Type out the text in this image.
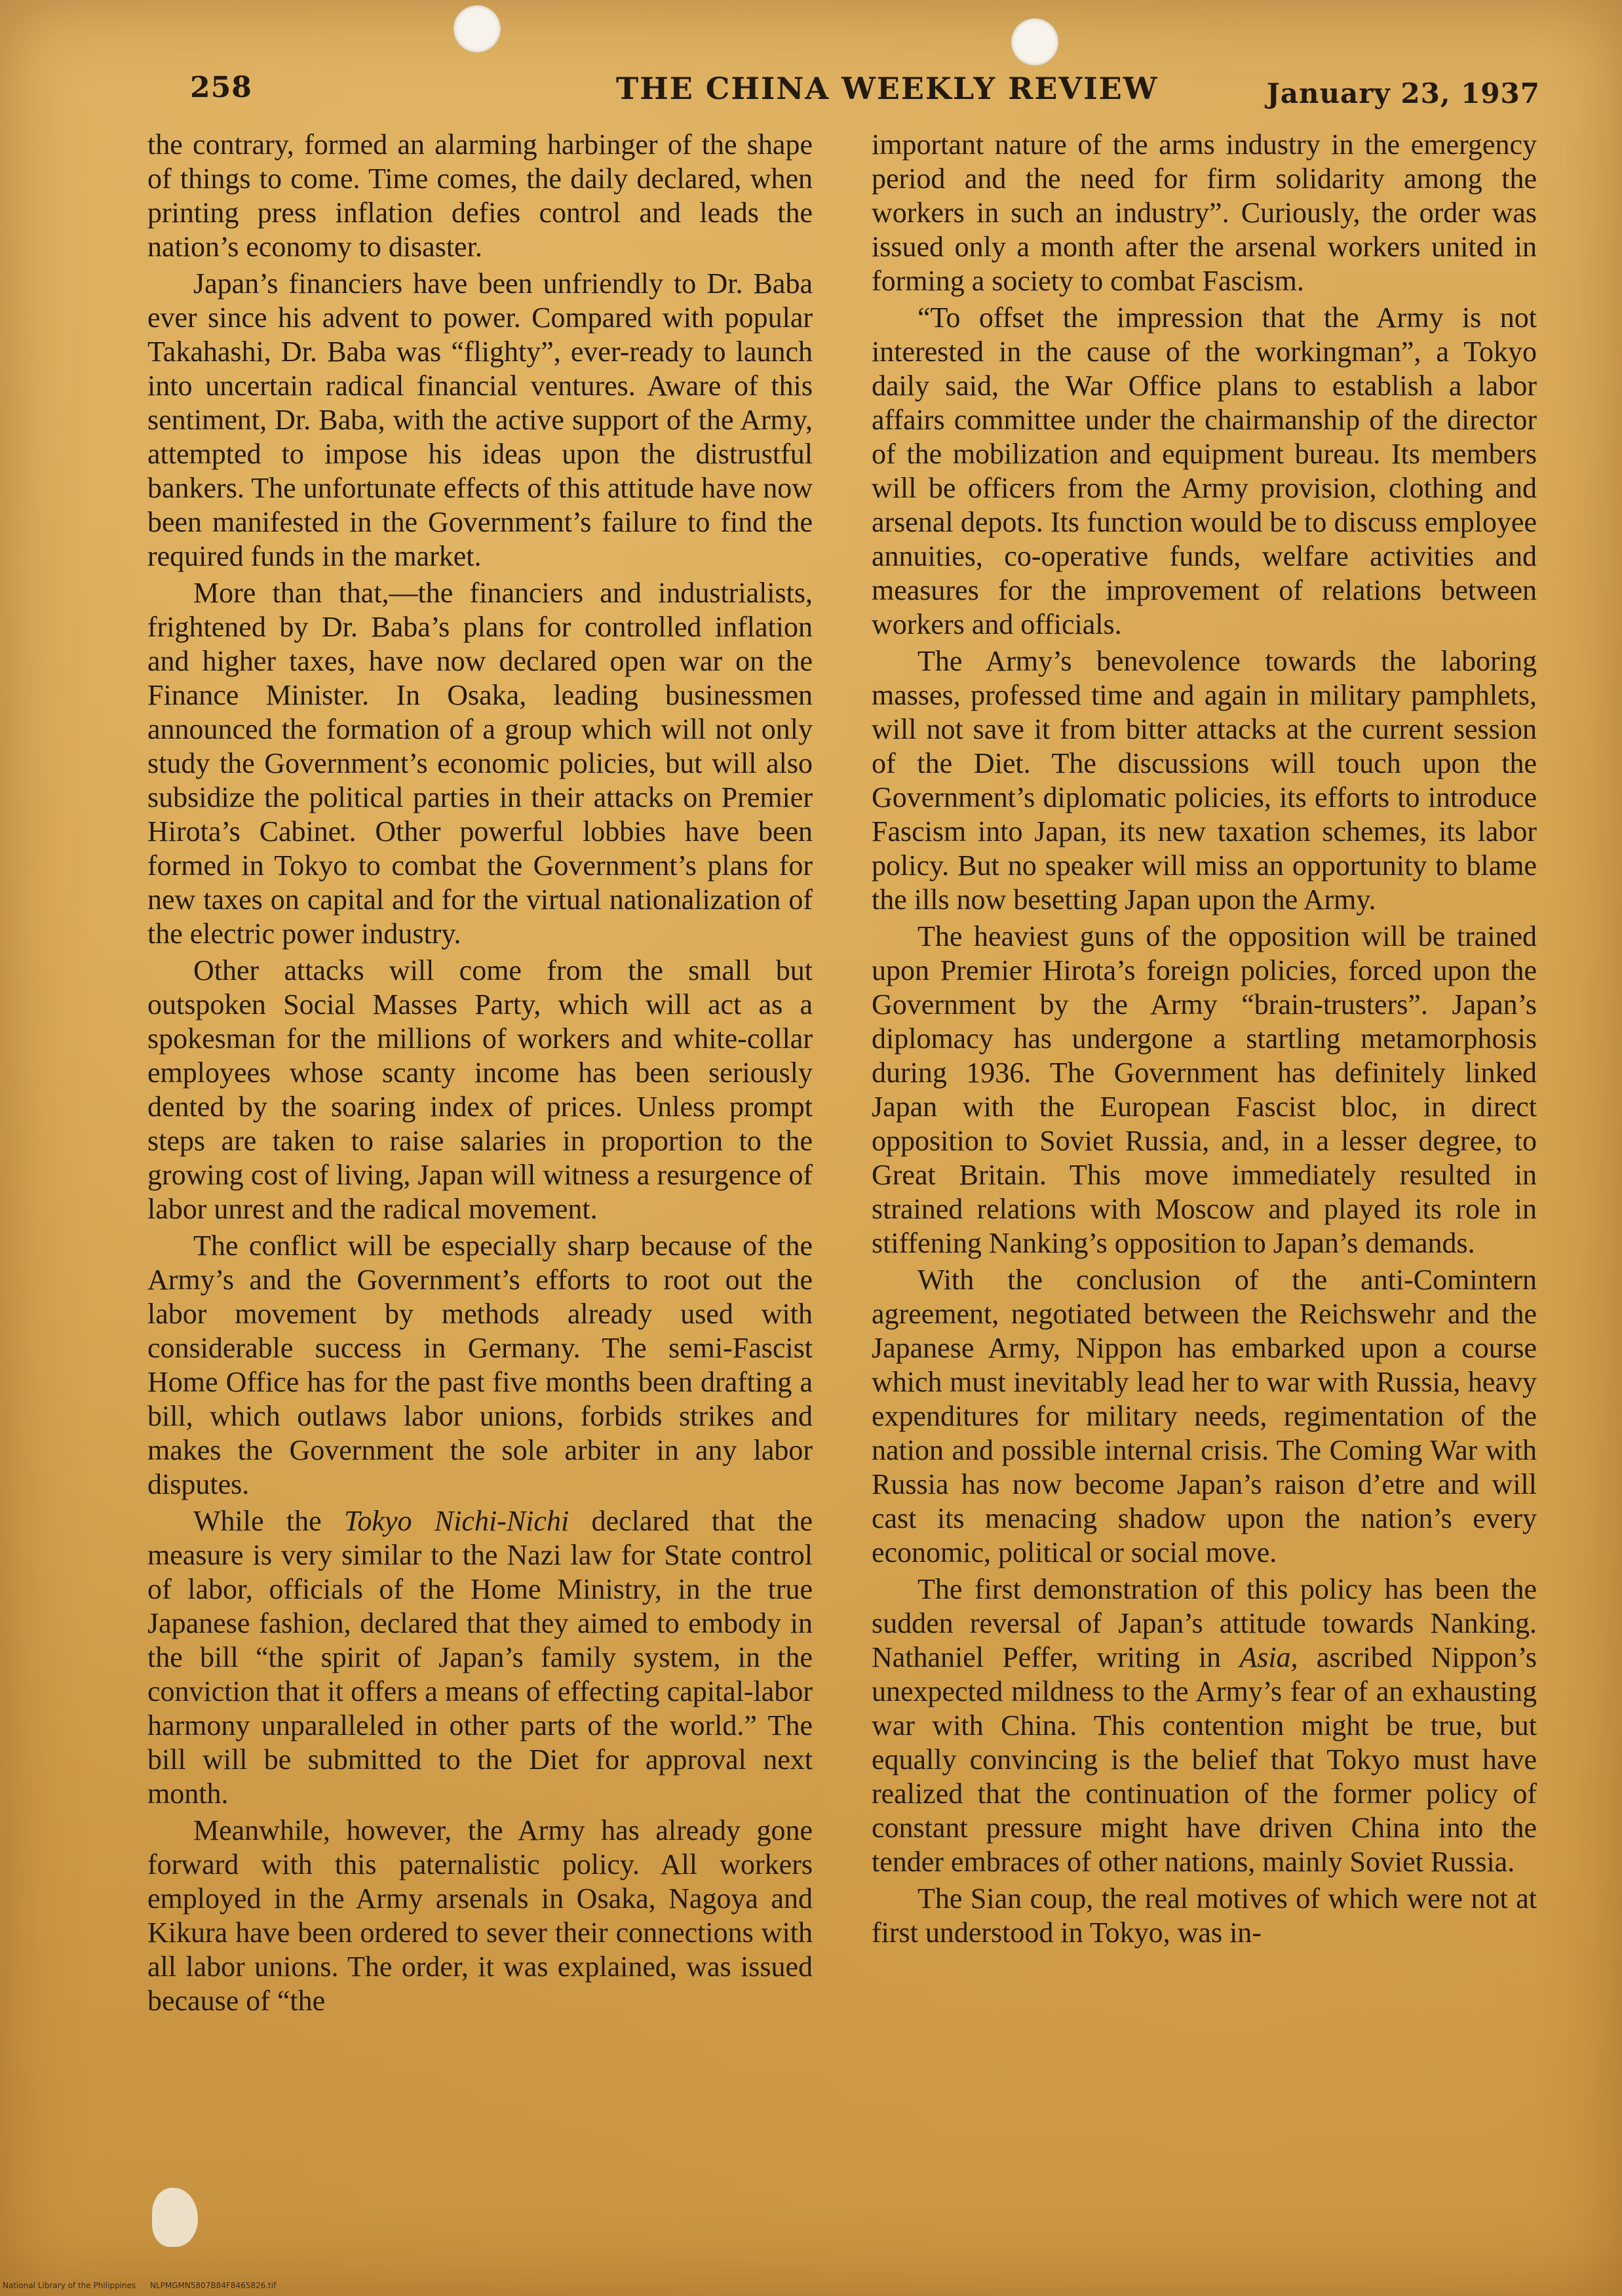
258	THE CHINA WEEKLY REVIEW	January 23, 1937

the contrary, formed an alarming harbinger of the shape of things to come. Time comes, the daily declared, when printing press inflation defies control and leads the nation’s economy to disaster.

Japan’s financiers have been unfriendly to Dr. Baba ever since his advent to power. Compared with popular Takahashi, Dr. Baba was “flighty”, ever-ready to launch into uncertain radical financial ventures. Aware of this sentiment, Dr. Baba, with the active support of the Army, attempted to impose his ideas upon the distrustful bankers. The unfortunate effects of this attitude have now been manifested in the Government’s failure to find the required funds in the market.

More than that,—the financiers and industrialists, frightened by Dr. Baba’s plans for controlled inflation and higher taxes, have now declared open war on the Finance Minister. In Osaka, leading businessmen announced the formation of a group which will not only study the Government’s economic policies, but will also subsidize the political parties in their attacks on Premier Hirota’s Cabinet. Other powerful lobbies have been formed in Tokyo to combat the Government’s plans for new taxes on capital and for the virtual nationalization of the electric power industry.

Other attacks will come from the small but outspoken Social Masses Party, which will act as a spokesman for the millions of workers and white-collar employees whose scanty income has been seriously dented by the soaring index of prices. Unless prompt steps are taken to raise salaries in proportion to the growing cost of living, Japan will witness a resurgence of labor unrest and the radical movement.

The conflict will be especially sharp because of the Army’s and the Government’s efforts to root out the labor movement by methods already used with considerable success in Germany. The semi-Fascist Home Office has for the past five months been drafting a bill, which outlaws labor unions, forbids strikes and makes the Government the sole arbiter in any labor disputes.

While the Tokyo Nichi-Nichi declared that the measure is very similar to the Nazi law for State control of labor, officials of the Home Ministry, in the true Japanese fashion, declared that they aimed to embody in the bill “the spirit of Japan’s family system, in the conviction that it offers a means of effecting capital-labor harmony unparalleled in other parts of the world.” The bill will be submitted to the Diet for approval next month.

Meanwhile, however, the Army has already gone forward with this paternalistic policy. All workers employed in the Army arsenals in Osaka, Nagoya and Kikura have been ordered to sever their connections with all labor unions. The order, it was explained, was issued because of “the

important nature of the arms industry in the emergency period and the need for firm solidarity among the workers in such an industry”. Curiously, the order was issued only a month after the arsenal workers united in forming a society to combat Fascism.

“To offset the impression that the Army is not interested in the cause of the workingman”, a Tokyo daily said, the War Office plans to establish a labor affairs committee under the chairmanship of the director of the mobilization and equipment bureau. Its members will be officers from the Army provision, clothing and arsenal depots. Its function would be to discuss employee annuities, co-operative funds, welfare activities and measures for the improvement of relations between workers and officials.

The Army’s benevolence towards the laboring masses, professed time and again in military pamphlets, will not save it from bitter attacks at the current session of the Diet. The discussions will touch upon the Government’s diplomatic policies, its efforts to introduce Fascism into Japan, its new taxation schemes, its labor policy. But no speaker will miss an opportunity to blame the ills now besetting Japan upon the Army.

The heaviest guns of the opposition will be trained upon Premier Hirota’s foreign policies, forced upon the Government by the Army “brain-trusters”. Japan’s diplomacy has undergone a startling metamorphosis during 1936. The Government has definitely linked Japan with the European Fascist bloc, in direct opposition to Soviet Russia, and, in a lesser degree, to Great Britain. This move immediately resulted in strained relations with Moscow and played its role in stiffening Nanking’s opposition to Japan’s demands.

With the conclusion of the anti-Comintern agreement, negotiated between the Reichswehr and the Japanese Army, Nippon has embarked upon a course which must inevitably lead her to war with Russia, heavy expenditures for military needs, regimentation of the nation and possible internal crisis. The Coming War with Russia has now become Japan’s raison d’etre and will cast its menacing shadow upon the nation’s every economic, political or social move.

The first demonstration of this policy has been the sudden reversal of Japan’s attitude towards Nanking. Nathaniel Peffer, writing in Asia, ascribed Nippon’s unexpected mildness to the Army’s fear of an exhausting war with China. This contention might be true, but equally convincing is the belief that Tokyo must have realized that the continuation of the former policy of constant pressure might have driven China into the tender embraces of other nations, mainly Soviet Russia.

The Sian coup, the real motives of which were not at first understood in Tokyo, was in-

National Library of the Philippines NLPMGMN5807B84F8465826.tif
